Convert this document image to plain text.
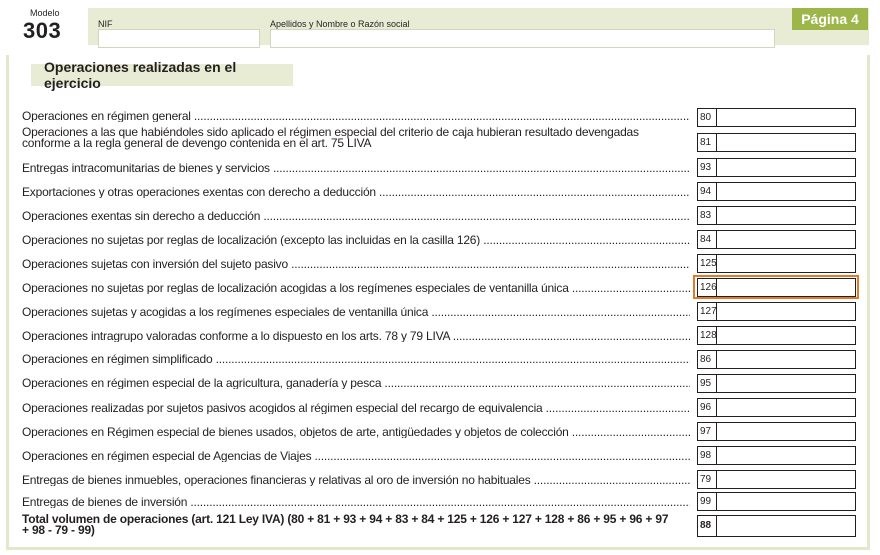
Modelo
303	NIF	Apellidos y Nombre o Razón social	Página 4
Operaciones realizadas en el ejercicio
Operaciones en régimen general .....	80
Operaciones a las que habiéndoles sido aplicado el régimen especial del criterio de caja hubieran resultado devengadas conforme a la regla general de devengo contenida en el art. 75 LIVA	81
Entregas intracomunitarias de bienes y servicios .....	93
Exportaciones y otras operaciones exentas con derecho a deducción .....	94
Operaciones exentas sin derecho a deducción .....	83
Operaciones no sujetas por reglas de localización (excepto las incluidas en la casilla 126) .....	84
Operaciones sujetas con inversión del sujeto pasivo .....	125
Operaciones no sujetas por reglas de localización acogidas a los regímenes especiales de ventanilla única .....	126
Operaciones sujetas y acogidas a los regímenes especiales de ventanilla única .....	127
Operaciones intragrupo valoradas conforme a lo dispuesto en los arts. 78 y 79 LIVA .....	128
Operaciones en régimen simplificado .....	86
Operaciones en régimen especial de la agricultura, ganadería y pesca .....	95
Operaciones realizadas por sujetos pasivos acogidos al régimen especial del recargo de equivalencia .....	96
Operaciones en Régimen especial de bienes usados, objetos de arte, antigüedades y objetos de colección .....	97
Operaciones en régimen especial de Agencias de Viajes .....	98
Entregas de bienes inmuebles, operaciones financieras y relativas al oro de inversión no habituales .....	79
Entregas de bienes de inversión .....	99
Total volumen de operaciones (art. 121 Ley IVA) (80 + 81 + 93 + 94 + 83 + 84 + 125 + 126 + 127 + 128 + 86 + 95 + 96 + 97 + 98 - 79 - 99)	88
